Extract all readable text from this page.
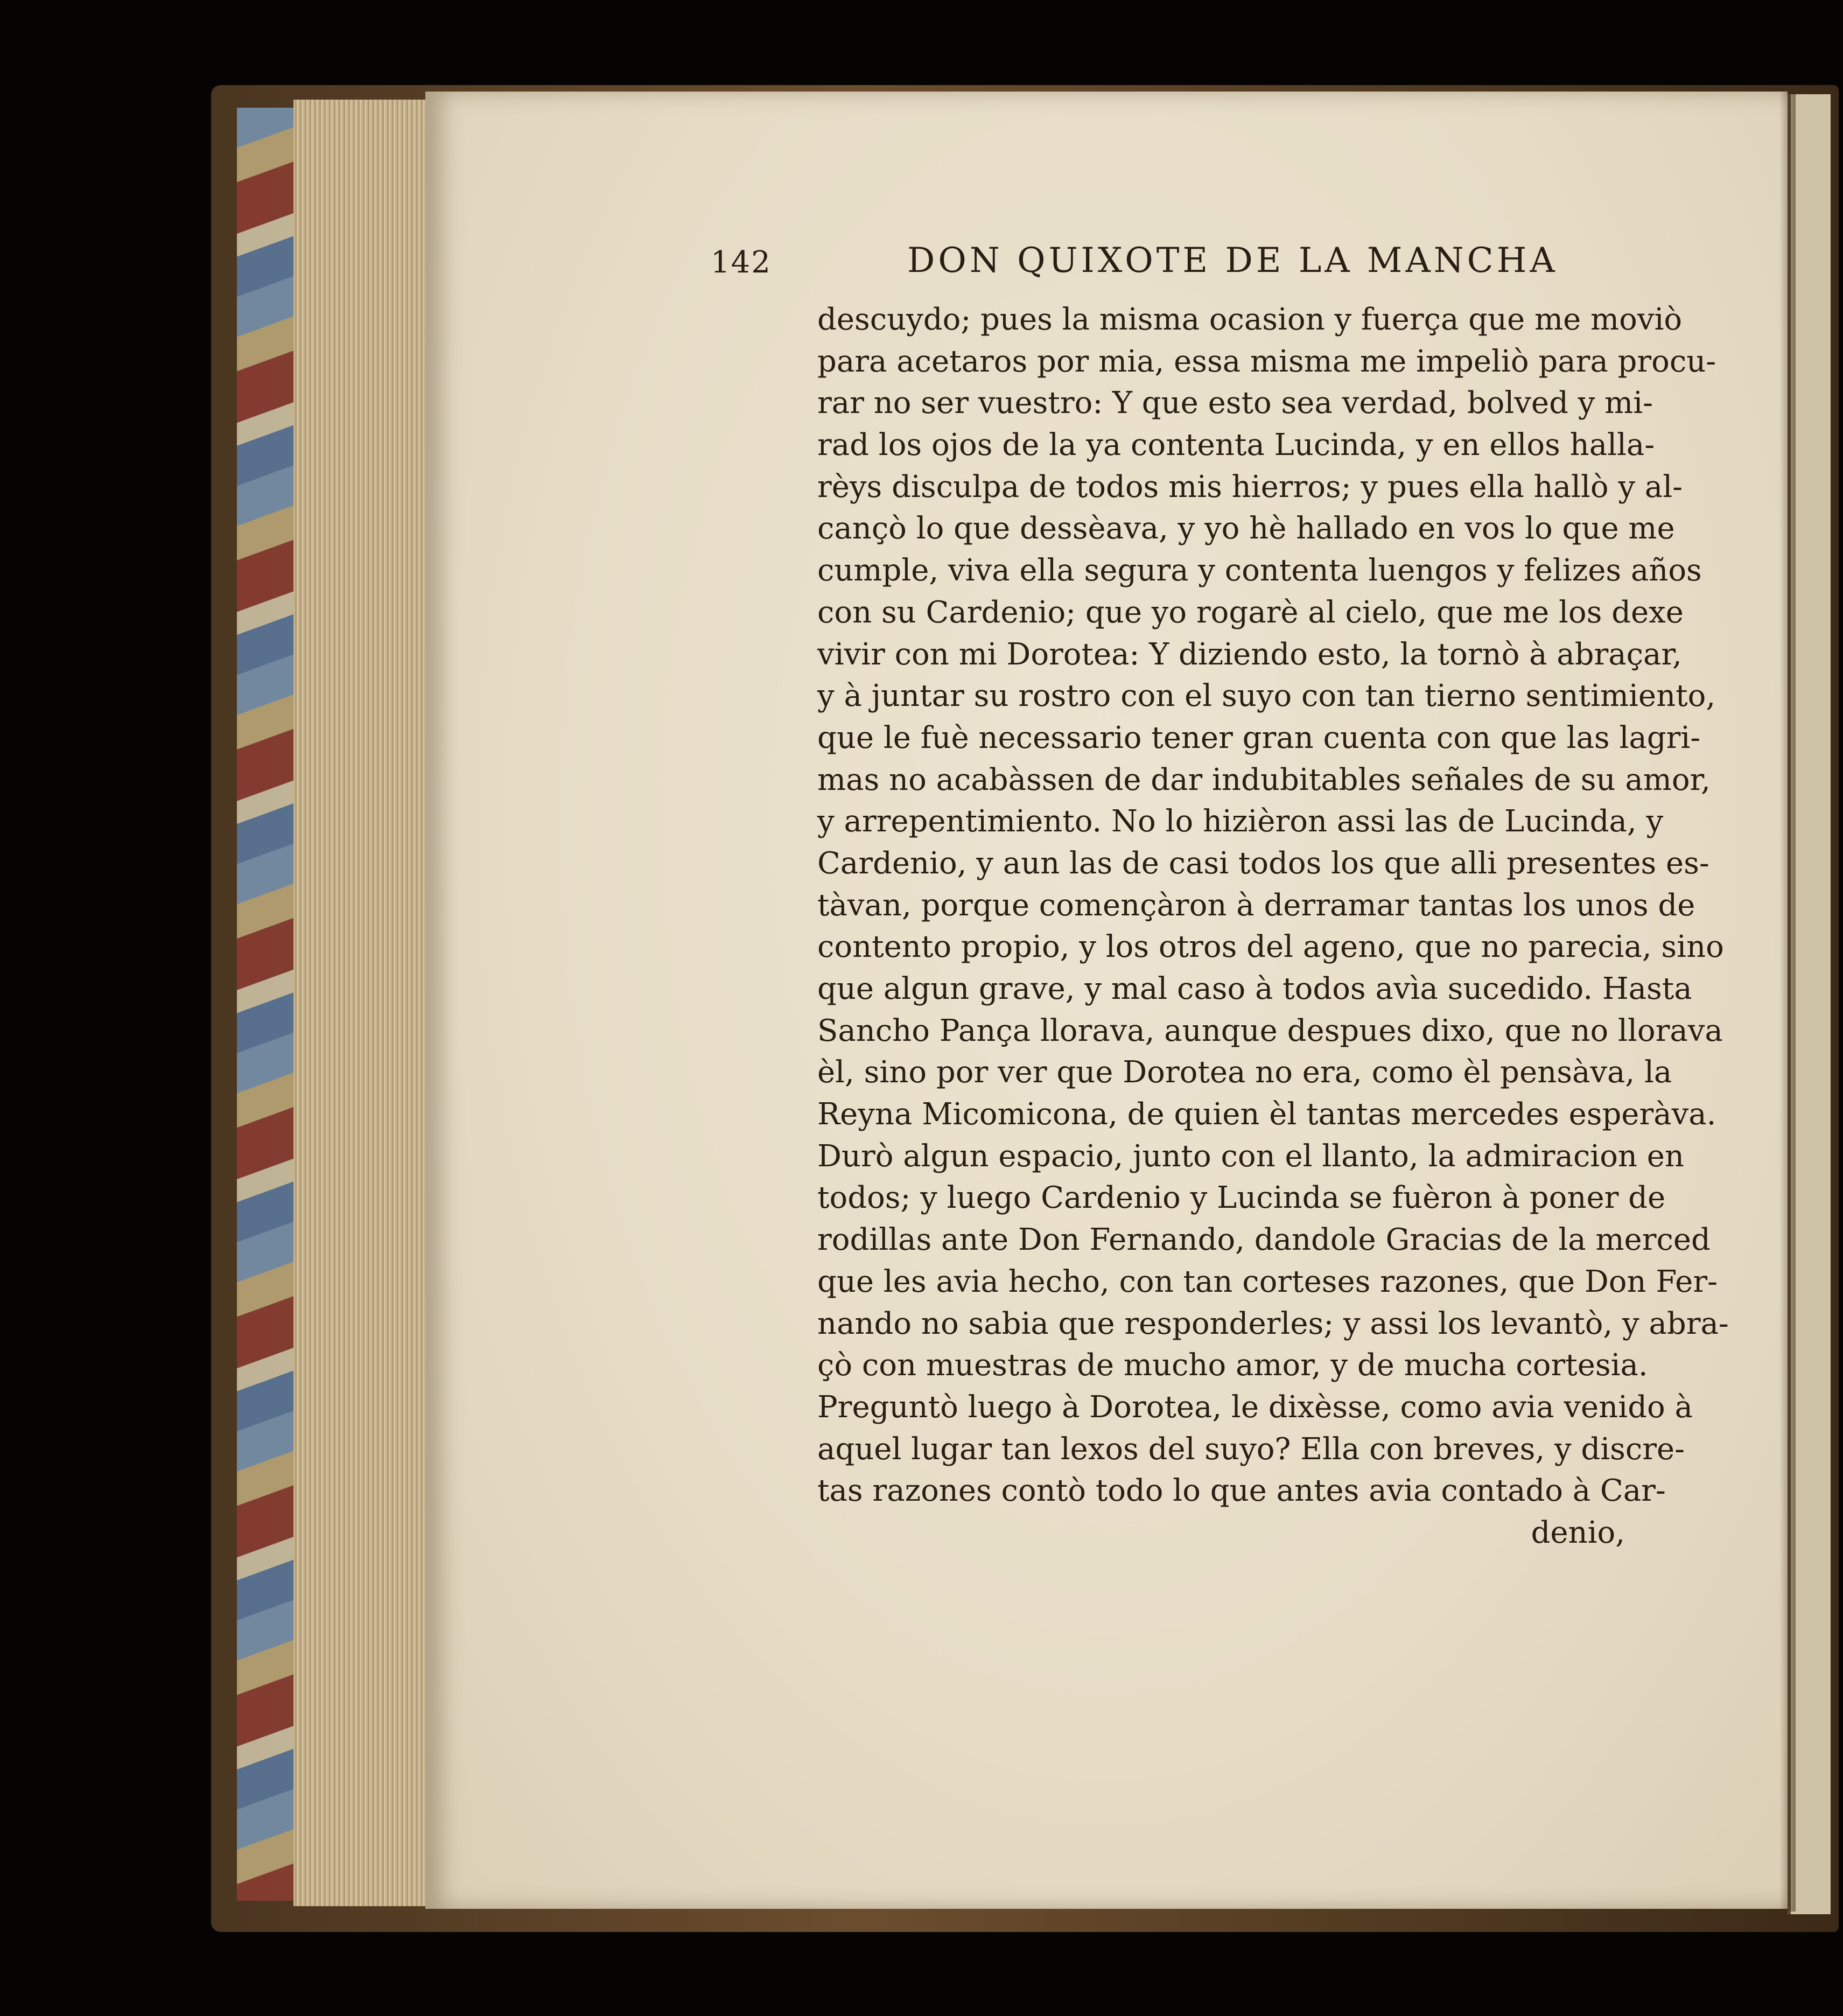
142	DON QUIXOTE DE LA MANCHA
descuydo; pues la misma ocasion y fuerça que me moviò
para acetaros por mia, essa misma me impeliò para procu-
rar no ser vuestro: Y que esto sea verdad, bolved y mi-
rad los ojos de la ya contenta Lucinda, y en ellos halla-
rèys disculpa de todos mis hierros; y pues ella hallò y al-
cançò lo que dessèava, y yo hè hallado en vos lo que me
cumple, viva ella segura y contenta luengos y felizes años
con su Cardenio; que yo rogarè al cielo, que me los dexe
vivir con mi Dorotea: Y diziendo esto, la tornò à abraçar,
y à juntar su rostro con el suyo con tan tierno sentimiento,
que le fuè necessario tener gran cuenta con que las lagri-
mas no acabàssen de dar indubitables señales de su amor,
y arrepentimiento. No lo hizièron assi las de Lucinda, y
Cardenio, y aun las de casi todos los que alli presentes es-
tàvan, porque començàron à derramar tantas los unos de
contento propio, y los otros del ageno, que no parecia, sino
que algun grave, y mal caso à todos avìa sucedido. Hasta
Sancho Pança llorava, aunque despues dixo, que no llorava
èl, sino por ver que Dorotea no era, como èl pensàva, la
Reyna Micomicona, de quien èl tantas mercedes esperàva.
Durò algun espacio, junto con el llanto, la admiracion en
todos; y luego Cardenio y Lucinda se fuèron à poner de
rodillas ante Don Fernando, dandole Gracias de la merced
que les avia hecho, con tan corteses razones, que Don Fer-
nando no sabia que responderles; y assi los levantò, y abra-
çò con muestras de mucho amor, y de mucha cortesia.
Preguntò luego à Dorotea, le dixèsse, como avia venido à
aquel lugar tan lexos del suyo? Ella con breves, y discre-
tas razones contò todo lo que antes avia contado à Car-
denio,
